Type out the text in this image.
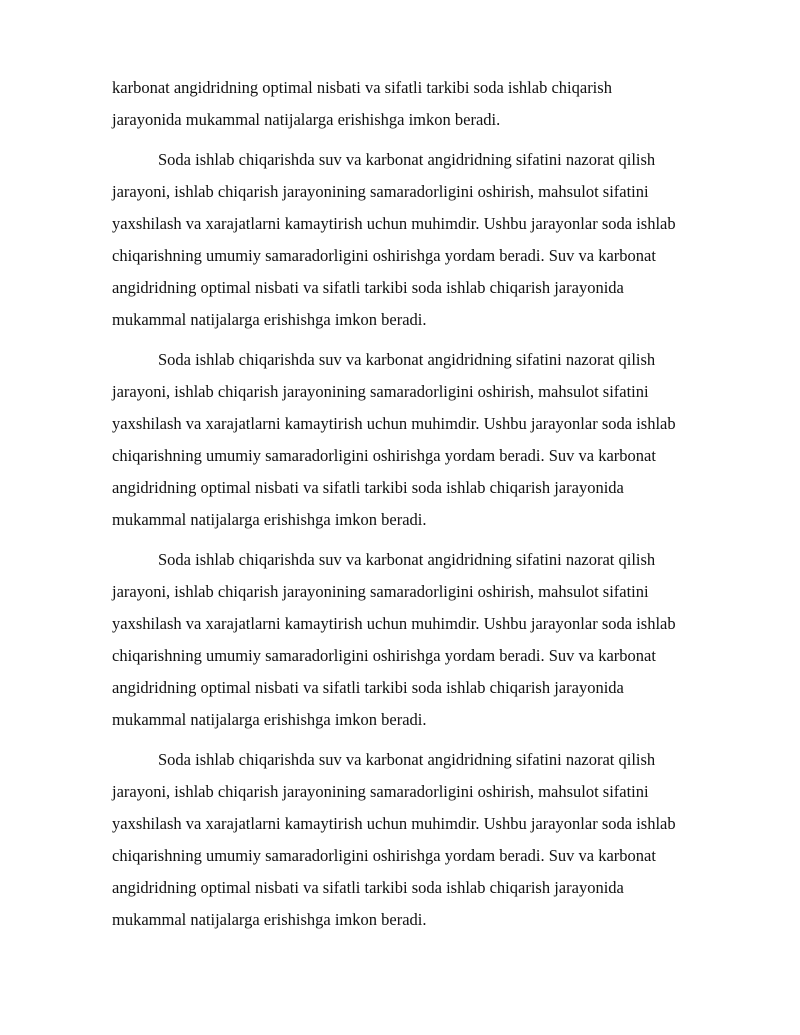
karbonat angidridning optimal nisbati va sifatli tarkibi soda ishlab chiqarish
jarayonida mukammal natijalarga erishishga imkon beradi.

Soda ishlab chiqarishda suv va karbonat angidridning sifatini nazorat qilish
jarayoni, ishlab chiqarish jarayonining samaradorligini oshirish, mahsulot sifatini
yaxshilash va xarajatlarni kamaytirish uchun muhimdir. Ushbu jarayonlar soda ishlab
chiqarishning umumiy samaradorligini oshirishga yordam beradi. Suv va karbonat
angidridning optimal nisbati va sifatli tarkibi soda ishlab chiqarish jarayonida
mukammal natijalarga erishishga imkon beradi.

Soda ishlab chiqarishda suv va karbonat angidridning sifatini nazorat qilish
jarayoni, ishlab chiqarish jarayonining samaradorligini oshirish, mahsulot sifatini
yaxshilash va xarajatlarni kamaytirish uchun muhimdir. Ushbu jarayonlar soda ishlab
chiqarishning umumiy samaradorligini oshirishga yordam beradi. Suv va karbonat
angidridning optimal nisbati va sifatli tarkibi soda ishlab chiqarish jarayonida
mukammal natijalarga erishishga imkon beradi.

Soda ishlab chiqarishda suv va karbonat angidridning sifatini nazorat qilish
jarayoni, ishlab chiqarish jarayonining samaradorligini oshirish, mahsulot sifatini
yaxshilash va xarajatlarni kamaytirish uchun muhimdir. Ushbu jarayonlar soda ishlab
chiqarishning umumiy samaradorligini oshirishga yordam beradi. Suv va karbonat
angidridning optimal nisbati va sifatli tarkibi soda ishlab chiqarish jarayonida
mukammal natijalarga erishishga imkon beradi.

Soda ishlab chiqarishda suv va karbonat angidridning sifatini nazorat qilish
jarayoni, ishlab chiqarish jarayonining samaradorligini oshirish, mahsulot sifatini
yaxshilash va xarajatlarni kamaytirish uchun muhimdir. Ushbu jarayonlar soda ishlab
chiqarishning umumiy samaradorligini oshirishga yordam beradi. Suv va karbonat
angidridning optimal nisbati va sifatli tarkibi soda ishlab chiqarish jarayonida
mukammal natijalarga erishishga imkon beradi.
